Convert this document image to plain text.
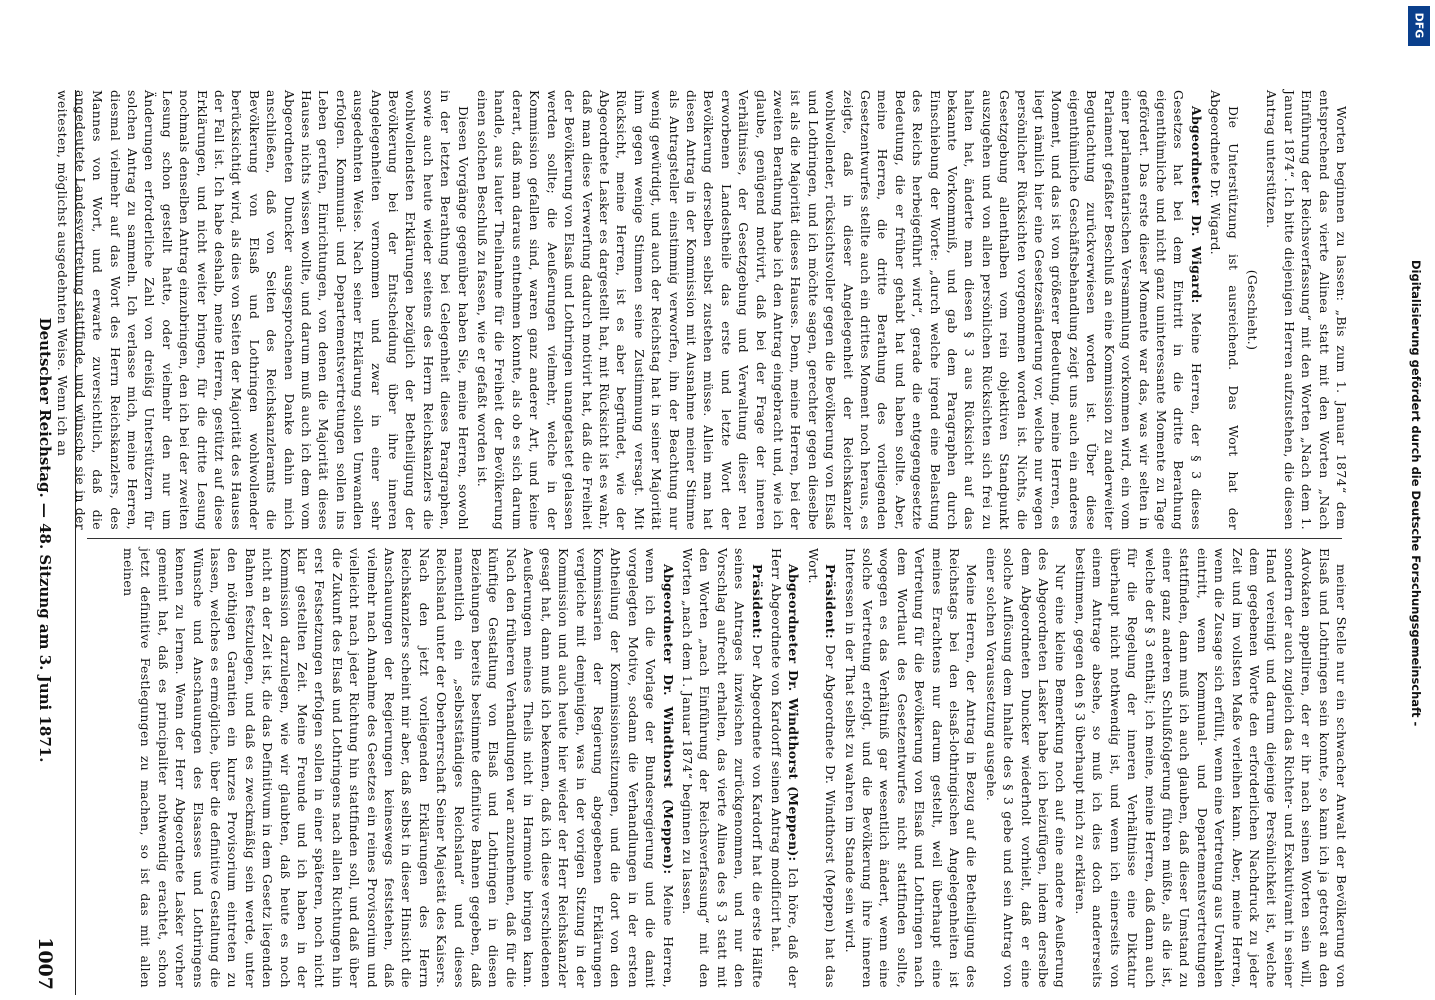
Deutscher Reichstag. — 48. Sitzung am 3. Juni 1871.
1007

Worten beginnen zu lassen: „Bis zum 1. Januar 1874“ dem entsprechend das vierte Alinea statt mit den Worten „Nach Einführung der Reichsverfassung“ mit den Worten „Nach dem 1. Januar 1874“. Ich bitte diejenigen Herren aufzustehen, die diesen Antrag unterstützen.

(Geschieht.)

Die Unterstützung ist ausreichend. Das Wort hat der Abgeordnete Dr. Wigard.

Abgeordneter Dr. Wigard: Meine Herren, der § 3 dieses Gesetzes hat bei dem Eintritt in die dritte Berathung eigenthümliche und nicht ganz uninteressante Momente zu Tage gefördert. Das erste dieser Momente war das, was wir selten in einer parlamentarischen Versammlung vorkommen wird, ein vom Parlament gefaßter Beschluß an eine Kommission zu anderweiter Begutachtung zurückverwiesen worden ist. Über diese eigenthümliche Geschäftsbehandlung zeigt uns auch ein anderes Moment, und das ist von größerer Bedeutung, meine Herren, es liegt nämlich hier eine Gesetzesänderung vor, welche nur wegen persönlicher Rücksichten vorgenommen worden ist. Nichts, die Gesetzgebung allenthalben vom rein objektiven Standpunkt auszugehen und von allen persönlichen Rücksichten sich frei zu halten hat, änderte man diesen § 3 aus Rücksicht auf das bekannte Vorkommniß, und gab dem Paragraphen durch Einschiebung der Worte: „durch welche irgend eine Belastung des Reichs herbeigeführt wird“, gerade die entgegengesetzte Bedeutung, die er früher gehabt hat und haben sollte. Aber, meine Herren, die dritte Berathung des vorliegenden Gesetzentwurfes stellte auch ein drittes Moment noch heraus, es zeigte, daß in dieser Angelegenheit der Reichskanzler wohlwollender, rücksichtsvoller gegen die Bevölkerung von Elsaß und Lothringen, und ich möchte sagen, gerechter gegen dieselbe ist als die Majorität dieses Hauses. Denn, meine Herren, bei der zweiten Berathung habe ich den Antrag eingebracht und, wie ich glaube, genügend motivirt, daß bei der Frage der inneren Verhältnisse, der Gesetzgebung und Verwaltung dieser neu erworbenen Landestheile das erste und letzte Wort der Bevölkerung derselben selbst zustehen müsse. Allein man hat diesen Antrag in der Kommission mit Ausnahme meiner Stimme als Antragsteller einstimmig verworfen, ihn der Beachtung nur wenig gewürdigt, und auch der Reichstag hat in seiner Majorität ihm gegen wenige Stimmen seine Zustimmung versagt. Mit Rücksicht, meine Herren, ist es aber begründet, wie der Abgeordnete Lasker es dargestellt hat, mit Rücksicht ist es wahr, daß man diese Verwerfung dadurch motivirt hat, daß die Freiheit der Bevölkerung von Elsaß und Lothringen unangetastet gelassen werden sollte; die Aeußerungen vielmehr, welche in der Kommission gefallen sind, waren ganz anderer Art, und keine derart, daß man daraus entnehmen konnte, als ob es sich darum handle, aus lauter Theilnahme für die Freiheit der Bevölkerung einen solchen Beschluß zu fassen, wie er gefaßt worden ist.

Diesen Vorgänge gegenüber haben Sie, meine Herren, sowohl in der letzten Berathung bei Gelegenheit dieses Paragraphen, sowie auch heute wieder seitens des Herrn Reichskanzlers die wohlwollendsten Erklärungen bezüglich der Betheiligung der Bevölkerung bei der Entscheidung über ihre inneren Angelegenheiten vernommen und zwar in einer sehr ausgedehnten Weise. Nach seiner Erklärung sollen Umwandlen erfolgen. Kommunal- und Departementsvertretungen sollen ins Leben gerufen, Einrichtungen, von denen die Majorität dieses Hauses nichts wissen wollte, und darum muß auch ich dem vom Abgeordneten Duncker ausgesprochenen Danke dahin mich anschließen, daß von Seiten des Reichskanzleramts die Bevölkerung von Elsaß und Lothringen wohlwollender berücksichtigt wird, als dies von Seiten der Majorität des Hauses der Fall ist. Ich habe deshalb, meine Herren, gestützt auf diese Erklärungen, und nicht weiter bringen, für die dritte Lesung nochmals denselben Antrag einzubringen, den ich bei der zweiten Lesung schon gestellt hatte, oder vielmehr den nur um Änderungen erforderliche Zahl von dreißig Unterstützern für solchen Antrag zu sammeln. Ich verlasse mich, meine Herren, diesmal vielmehr auf das Wort des Herrn Reichskanzlers, des Mannes von Wort, und erwarte zuversichtlich, daß die angedeutete Landesvertretung stattfinde, und wünsche sie in der weitesten, möglichst ausgedehnten Weise. Wenn ich an

meiner Stelle nur ein schwacher Anwalt der Bevölkerung von Elsaß und Lothringen sein konnte, so kann ich ja getrost an den Advokaten appelliren, der er ihr nach seinen Worten sein will, sondern der auch zugleich das Richter- und Exekutivamt in seiner Hand vereinigt und darum diejenige Persönlichkeit ist, welche dem gegebenen Worte den erforderlichen Nachdruck zu jeder Zeit und im vollsten Maße verleihen kann. Aber, meine Herren, wenn die Zusage sich erfüllt, wenn eine Vertretung aus Urwahlen eintritt, wenn Kommunal- und Departementsvertretungen stattfinden, dann muß ich auch glauben, daß dieser Umstand zu einer ganz anderen Schlußfolgerung führen müßte, als die ist, welche der § 3 enthält; ich meine, meine Herren, daß dann auch für die Regelung der inneren Verhältnisse eine Diktatur überhaupt nicht nothwendig ist, und wenn ich einerseits von einem Antrage absehe, so muß ich dies doch andererseits bestimmen, gegen den § 3 überhaupt mich zu erklären.

Nur eine kleine Bemerkung noch auf eine andere Aeußerung des Abgeordneten Lasker habe ich beizufügen, indem derselbe dem Abgeordneten Duncker wiederholt vorhielt, daß er eine solche Auflösung dem Inhalte des § 3 gebe und sein Antrag von einer solchen Voraussetzung ausgehe.

Meine Herren, der Antrag in Bezug auf die Betheiligung des Reichstags bei den elsaß-lothringischen Angelegenheiten ist meines Erachtens nur darum gestellt, weil überhaupt eine Vertretung für die Bevölkerung von Elsaß und Lothringen nach dem Wortlaut des Gesetzentwurfes nicht stattfinden sollte, wogegen es das Verhältniß gar wesentlich ändert, wenn eine solche Vertretung erfolgt, und die Bevölkerung ihre inneren Interessen in der That selbst zu wahren im Stande sein wird.

Präsident: Der Abgeordnete Dr. Windthorst (Meppen) hat das Wort.

Abgeordneter Dr. Windthorst (Meppen): Ich höre, daß der Herr Abgeordnete von Kardorff seinen Antrag modificirt hat.

Präsident: Der Abgeordnete von Kardorff hat die erste Hälfte seines Antrages inzwischen zurückgenommen, und nur den Vorschlag aufrecht erhalten, das vierte Alinea des § 3 statt mit den Worten „nach Einführung der Reichsverfassung“ mit den Worten „nach dem 1. Januar 1874“ beginnen zu lassen.

Abgeordneter Dr. Windthorst (Meppen): Meine Herren, wenn ich die Vorlage der Bundesregierung und die damit vorgelegten Motive, sodann die Verhandlungen in der ersten Abtheilung der Kommissionssitzungen, und die dort von den Kommissarien der Regierung abgegebenen Erklärungen vergleiche mit demjenigen, was in der vorigen Sitzung in der Kommission und auch heute hier wieder der Herr Reichskanzler gesagt hat, dann muß ich bekennen, daß ich diese verschiedenen Aeußerungen meines Theils nicht in Harmonie bringen kann. Nach den früheren Verhandlungen war anzunehmen, daß für die künftige Gestaltung von Elsaß und Lothringen in diesen Beziehungen bereits bestimmte definitive Bahnen gegeben, daß namentlich ein „selbstständiges Reichsland“ und dieses Reichsland unter der Oberherrschaft Seiner Majestät des Kaisers. Nach den jetzt vorliegenden Erklärungen des Herrn Reichskanzlers scheint mir aber, daß selbst in dieser Hinsicht die Anschauungen der Regierungen keineswegs feststehen, daß vielmehr nach Annahme des Gesetzes ein reines Provisorium und vielleicht nach jeder Richtung hin stattfinden soll, und daß über die Zukunft des Elsaß und Lothringens nach allen Richtungen hin erst Festsetzungen erfolgen sollen in einer späteren, noch nicht klar gestellten Zeit. Meine Freunde und ich haben in der Kommission darzulegen, wie wir glaubten, daß heute es noch nicht an der Zeit ist, die das Definitivum in dem Gesetz liegenden Bahnen festzulegen, und daß es zweckmäßig sein werde, unter den nöthigen Garantien ein kurzes Provisorium eintreten zu lassen, welches es ermögliche, über die definitive Gestaltung die Wünsche und Anschauungen des Elsasses und Lothringens kennen zu lernen. Wenn der Herr Abgeordnete Lasker vorher gemeint hat, daß es principaliter nothwendig erachtet, schon jetzt definitive Festlegungen zu machen, so ist das mit allen meinen	Digitalisierung gefördert durch die Deutsche Forschungsgemeinschaft -
DFG
